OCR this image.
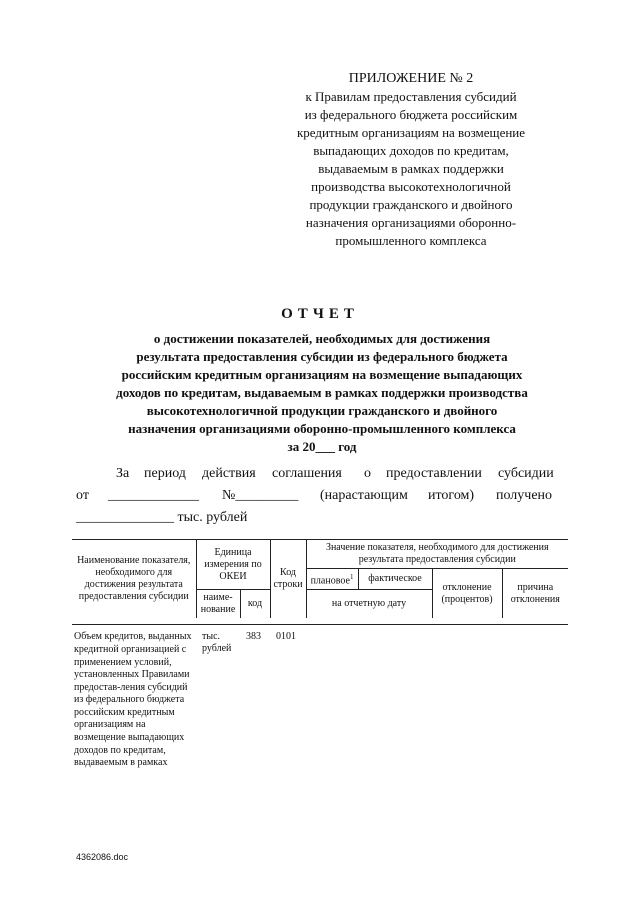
ПРИЛОЖЕНИЕ № 2
к Правилам предоставления субсидий
из федерального бюджета российским
кредитным организациям на возмещение
выпадающих доходов по кредитам,
выдаваемым в рамках поддержки
производства высокотехнологичной
продукции гражданского и двойного
назначения организациями оборонно-
промышленного комплекса
ОТЧЕТ
о достижении показателей, необходимых для достижения
результата предоставления субсидии из федерального бюджета
российским кредитным организациям на возмещение выпадающих
доходов по кредитам, выдаваемым в рамках поддержки производства
высокотехнологичной продукции гражданского и двойного
назначения организациями оборонно-промышленного комплекса
за 20___ год
За период действия соглашения о предоставлении субсидии
от _____________ №_________ (нарастающим итогом) получено
______________ тыс. рублей
Наименование показателя, необходимого для достижения результата предоставления субсидии	Единица измерения по ОКЕИ		Код строки	Значение показателя, необходимого для достижения результата предоставления субсидии			
				плановое$^1$	фактическое	отклонение (процентов)	причина отклонения
	наиме-нование	код		на отчетную дату			

Объем кредитов, выданных кредитной организацией с применением условий, установленных Правилами предостав-ления субсидий из федерального бюджета российским кредитным организациям на возмещение выпадающих доходов по кредитам, выдаваемым в рамках	тыс. рублей	383	0101				
4362086.doc
